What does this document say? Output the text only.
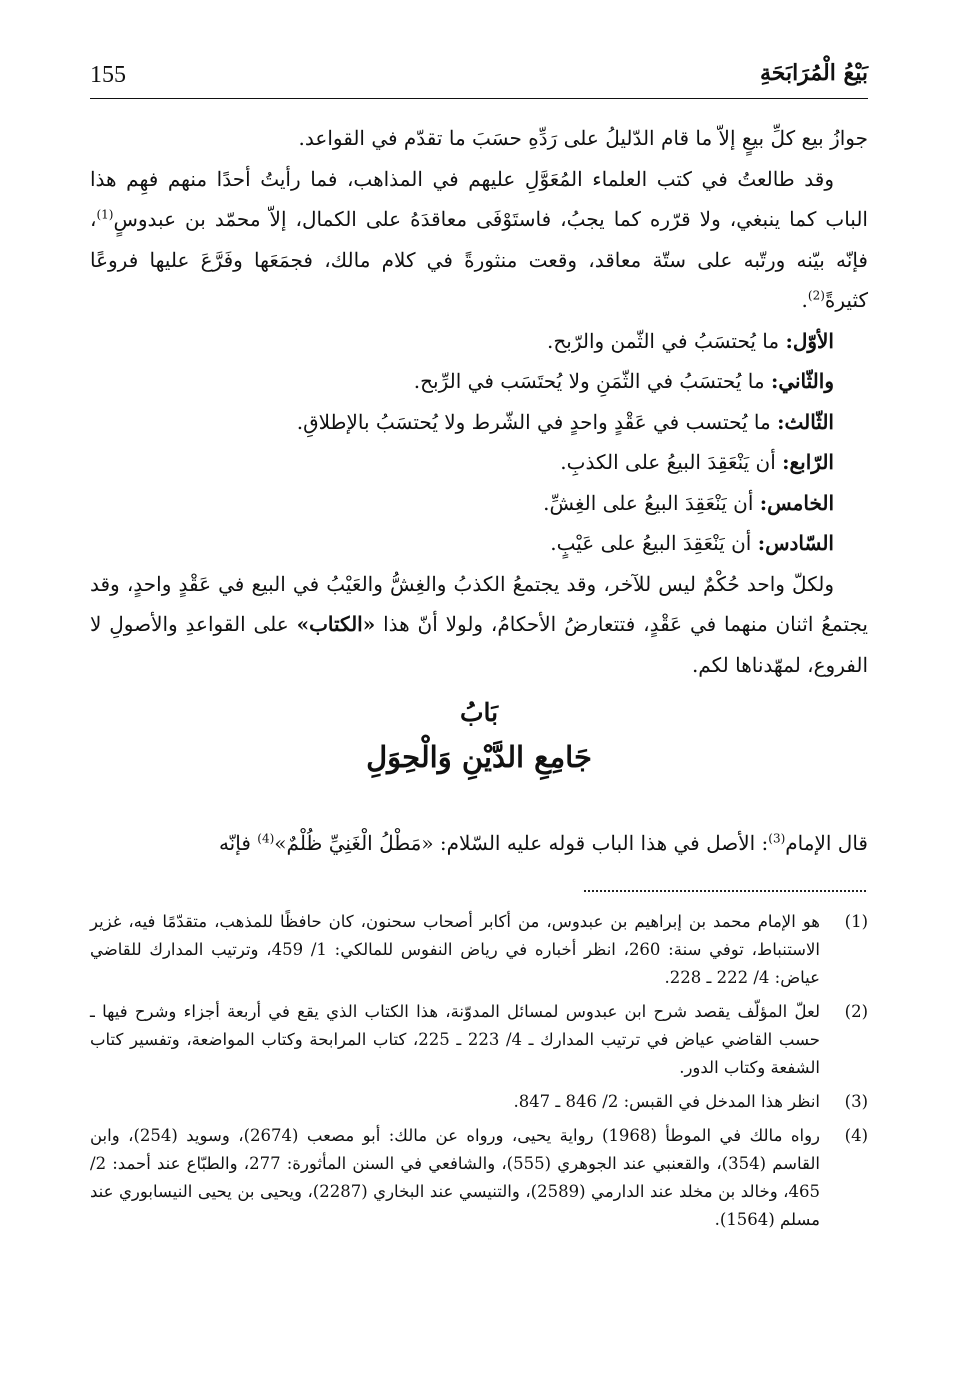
155	بَيْعُ الْمُرَابَحَةِ

جوازُ بيع كلِّ بيعٍ إلاّ ما قام الدّليلُ على رَدِّهِ حسَبَ ما تقدّم في القواعد.

وقد طالعتُ في كتب العلماء المُعَوَّلِ عليهم في المذاهب، فما رأيتُ أحدًا منهم فهِم هذا الباب كما ينبغي، ولا قرّره كما يجبُ، فاستَوْفَى معاقدَهُ على الكمال، إلاّ محمّد بن عبدوسٍ$^{(1)}$، فإنّه بيّنه ورتّبه على ستّة معاقد، وقعت منثورةً في كلام مالك، فجمَعَها وفَرَّعَ عليها فروعًا كثيرةً$^{(2)}$.

الأوّل: ما يُحتسَبُ في الثّمن والرّبح.

والثّاني: ما يُحتسَبُ في الثّمَنِ ولا يُحتَسَب في الرِّبح.

الثّالث: ما يُحتسب في عَقْدٍ واحدٍ في الشّرط ولا يُحتسَبُ بالإطلاقِ.

الرّابع: أن يَنْعَقِدَ البيعُ على الكذبِ.

الخامس: أن يَنْعَقِدَ البيعُ على الغِشِّ.

السّادس: أن يَنْعَقِدَ البيعُ على عَيْبٍ.

ولكلّ واحد حُكْمٌ ليس للآخر، وقد يجتمعُ الكذبُ والغِشُّ والعَيْبُ في البيع في عَقْدٍ واحدٍ، وقد يجتمعُ اثنان منهما في عَقْدٍ، فتتعارضُ الأحكامُ، ولولا أنّ هذا «الكتاب» على القواعدِ والأصولِ لا الفروع، لمهّدناها لكم.

بَابُ
جَامِعِ الدَّيْنِ وَالْحِوَلِ

قال الإمام$^{(3)}$: الأصل في هذا الباب قوله عليه السّلام: «مَطْلُ الْغَنِيِّ ظُلْمٌ»$^{(4)}$ فإنّه

(1)
هو الإمام محمد بن إبراهيم بن عبدوس، من أكابر أصحاب سحنون، كان حافظًا للمذهب، متقدّمًا فيه، غزير الاستنباط، توفي سنة: 260، انظر أخباره في رياض النفوس للمالكي: 1/ 459، وترتيب المدارك للقاضي عياض: 4/ 222 ـ 228.
(2)
لعلّ المؤلّف يقصد شرح ابن عبدوس لمسائل المدوّنة، هذا الكتاب الذي يقع في أربعة أجزاء وشرح فيها ـ حسب القاضي عياض في ترتيب المدارك ـ 4/ 223 ـ 225، كتاب المرابحة وكتاب المواضعة، وتفسير كتاب الشفعة وكتاب الدور.
(3)
انظر هذا المدخل في القبس: 2/ 846 ـ 847.
(4)
رواه مالك في الموطأ (1968) رواية يحيى، ورواه عن مالك: أبو مصعب (2674)، وسويد (254)، وابن القاسم (354)، والقعنبي عند الجوهري (555)، والشافعي في السنن المأثورة: 277، والطبّاع عند أحمد: 2/ 465، وخالد بن مخلد عند الدارمي (2589)، والتنيسي عند البخاري (2287)، ويحيى بن يحيى النيسابوري عند مسلم (1564).
